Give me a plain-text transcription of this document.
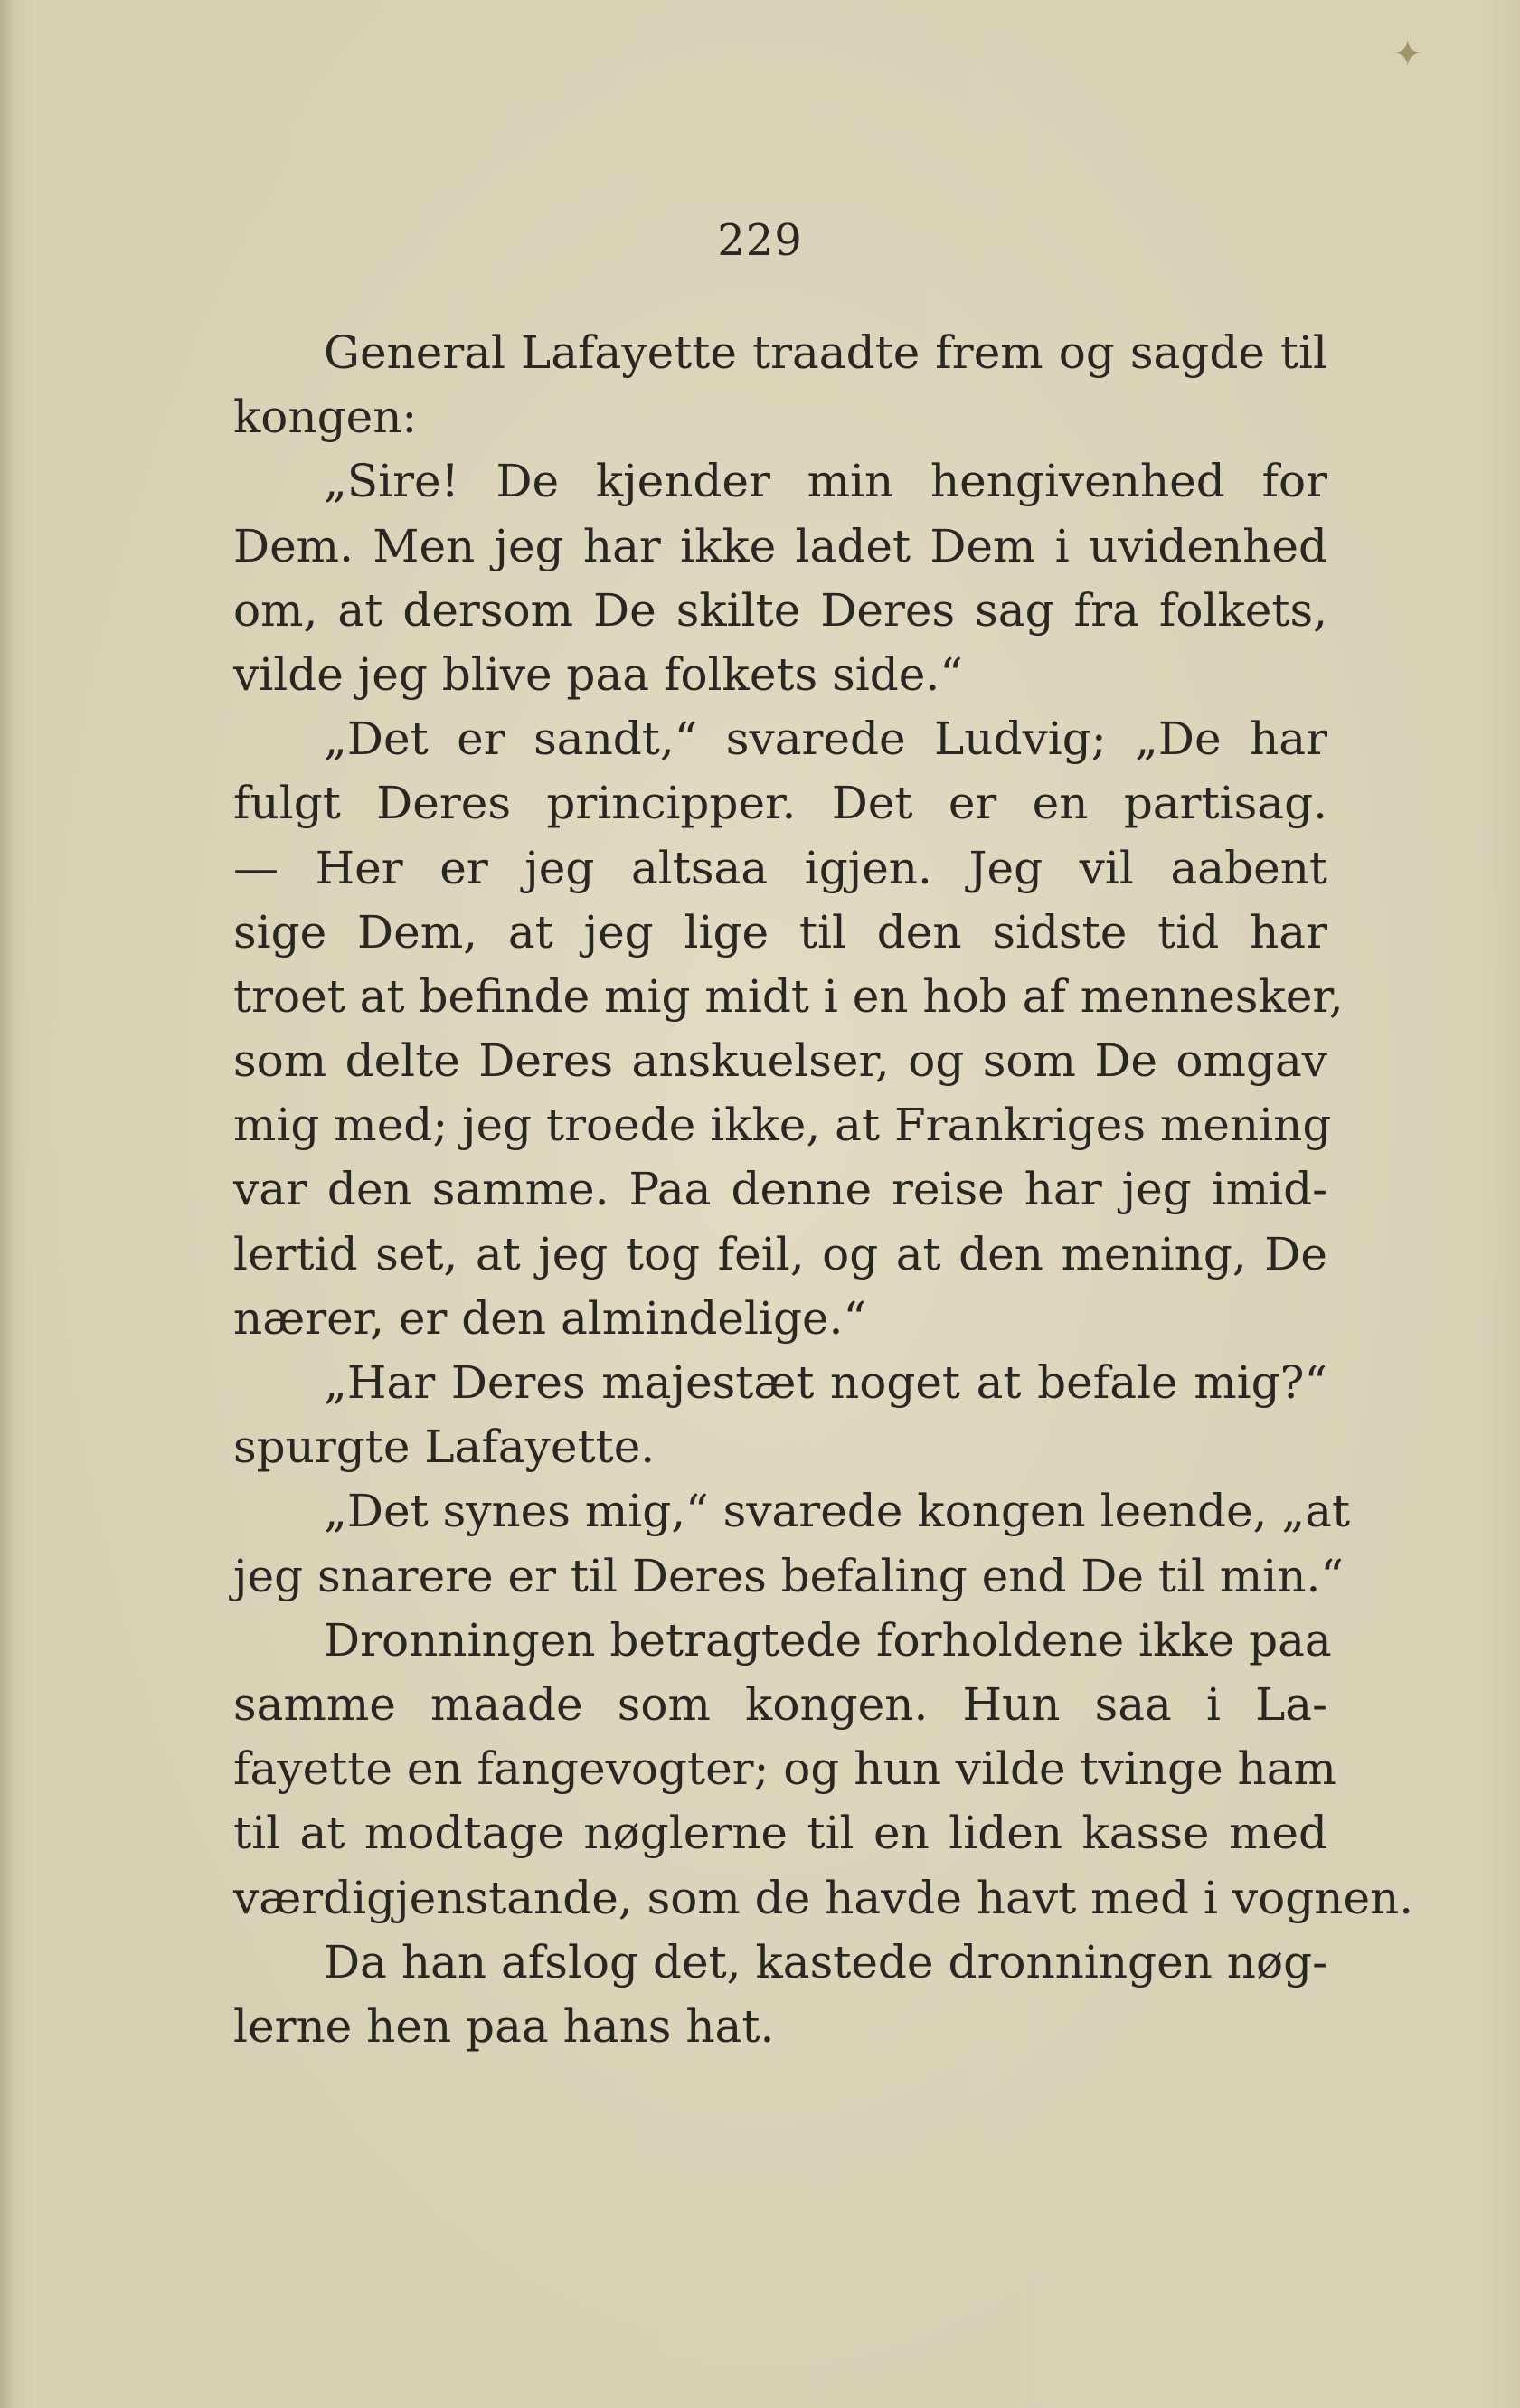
✦
229
General Lafayette traadte frem og sagde til
kongen:
„Sire! De kjender min hengivenhed for
Dem. Men jeg har ikke ladet Dem i uvidenhed
om, at dersom De skilte Deres sag fra folkets,
vilde jeg blive paa folkets side.“
„Det er sandt,“ svarede Ludvig; „De har
fulgt Deres principper. Det er en partisag.
— Her er jeg altsaa igjen. Jeg vil aabent
sige Dem, at jeg lige til den sidste tid har
troet at befinde mig midt i en hob af mennesker,
som delte Deres anskuelser, og som De omgav
mig med; jeg troede ikke, at Frankriges mening
var den samme. Paa denne reise har jeg imid-
lertid set, at jeg tog feil, og at den mening, De
nærer, er den almindelige.“
„Har Deres majestæt noget at befale mig?“
spurgte Lafayette.
„Det synes mig,“ svarede kongen leende, „at
jeg snarere er til Deres befaling end De til min.“
Dronningen betragtede forholdene ikke paa
samme maade som kongen. Hun saa i La-
fayette en fangevogter; og hun vilde tvinge ham
til at modtage nøglerne til en liden kasse med
værdigjenstande, som de havde havt med i vognen.
Da han afslog det, kastede dronningen nøg-
lerne hen paa hans hat.
